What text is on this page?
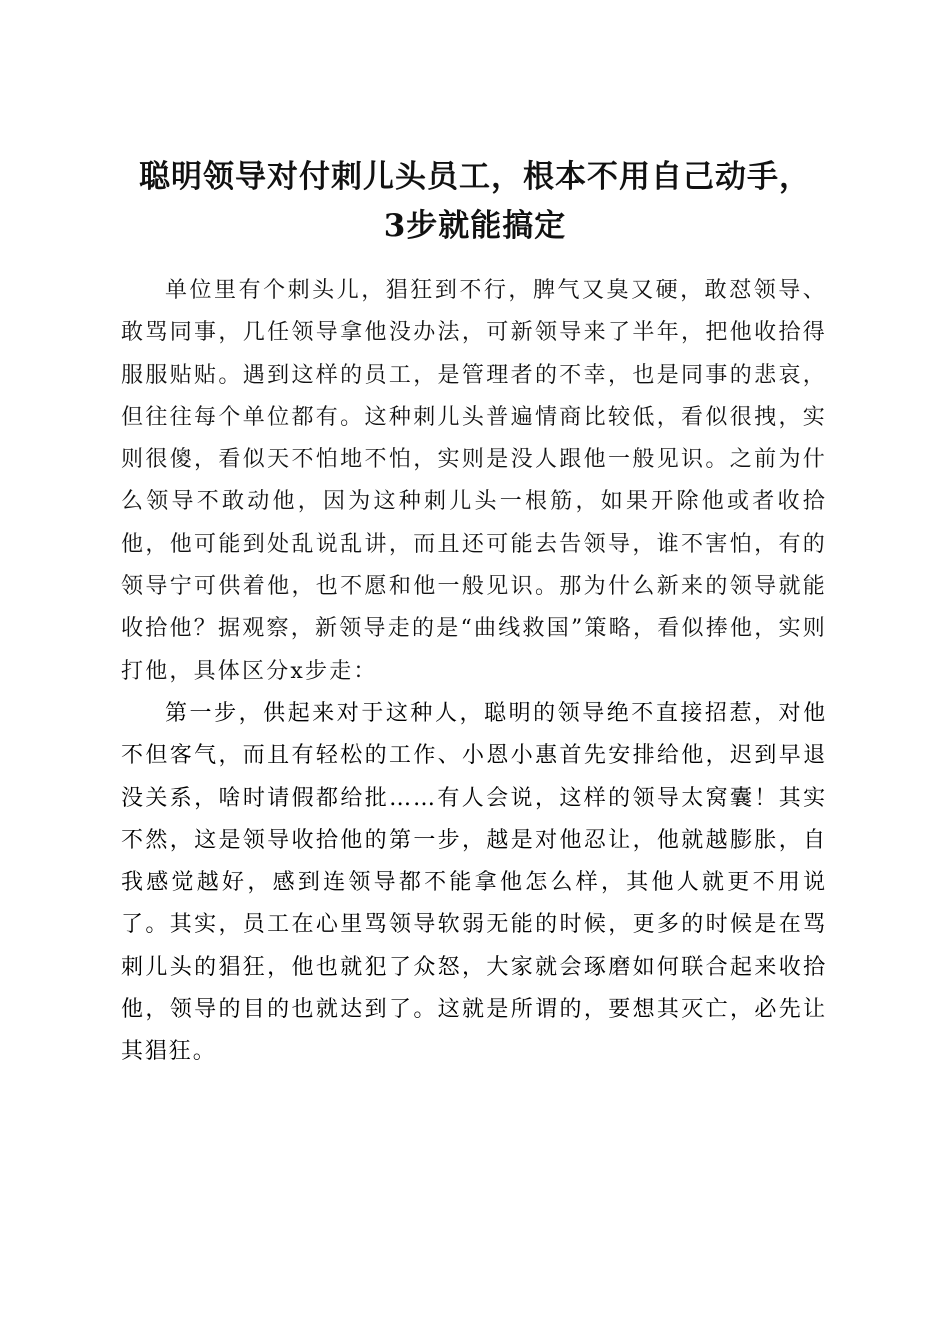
聪明领导对付刺儿头员工，根本不用自己动手，
3步就能搞定

单位里有个刺头儿，猖狂到不行，脾气又臭又硬，敢怼领导、敢骂同事，几任领导拿他没办法，可新领导来了半年，把他收拾得服服贴贴。遇到这样的员工，是管理者的不幸，也是同事的悲哀，但往往每个单位都有。这种刺儿头普遍情商比较低，看似很拽，实则很傻，看似天不怕地不怕，实则是没人跟他一般见识。之前为什么领导不敢动他，因为这种刺儿头一根筋，如果开除他或者收拾他，他可能到处乱说乱讲，而且还可能去告领导，谁不害怕，有的领导宁可供着他，也不愿和他一般见识。那为什么新来的领导就能收拾他？据观察，新领导走的是“曲线救国”策略，看似捧他，实则打他，具体区分x步走：

第一步，供起来对于这种人，聪明的领导绝不直接招惹，对他不但客气，而且有轻松的工作、小恩小惠首先安排给他，迟到早退没关系，啥时请假都给批……有人会说，这样的领导太窝囊！其实不然，这是领导收拾他的第一步，越是对他忍让，他就越膨胀，自我感觉越好，感到连领导都不能拿他怎么样，其他人就更不用说了。其实，员工在心里骂领导软弱无能的时候，更多的时候是在骂刺儿头的猖狂，他也就犯了众怒，大家就会琢磨如何联合起来收拾他，领导的目的也就达到了。这就是所谓的，要想其灭亡，必先让其猖狂。
